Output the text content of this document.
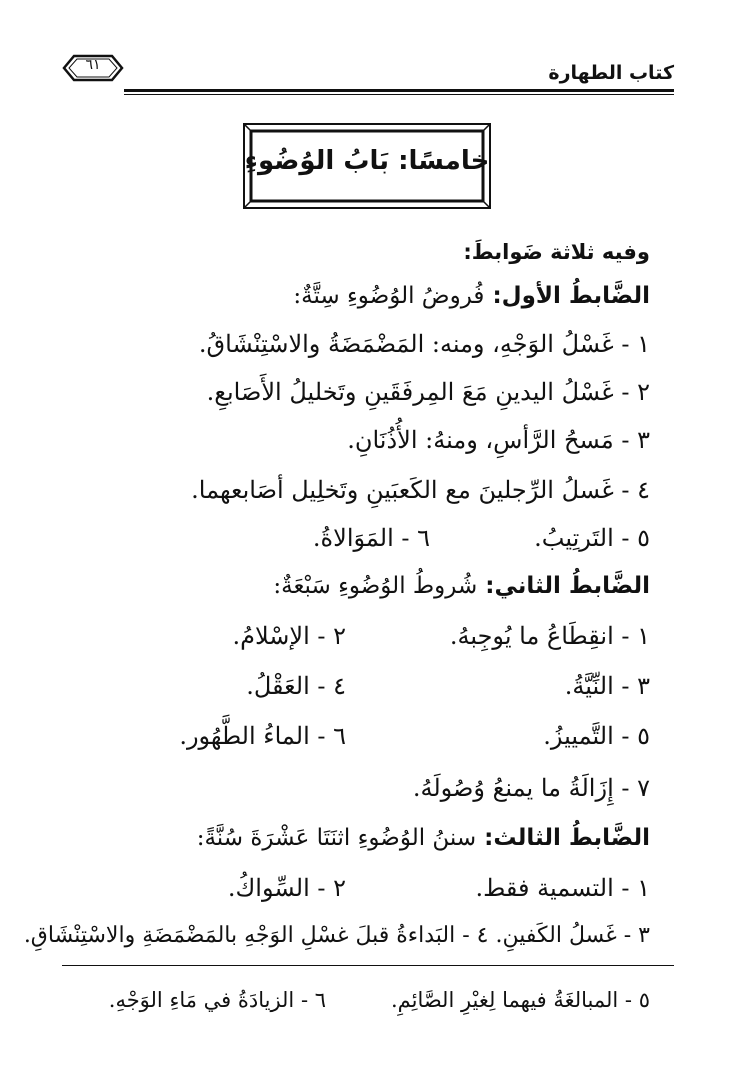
كتاب الطهارة
٦١
خامسًا: بَابُ الوُضُوءِ
وفيه ثلاثة ضَوابطَ:
الضَّابطُ الأول: فُروضُ الوُضُوءِ سِتَّةٌ:
١ - غَسْلُ الوَجْهِ، ومنه: المَضْمَضَةُ والاسْتِنْشَاقُ.
٢ - غَسْلُ اليدينِ مَعَ المِرفَقَينِ وتَخليلُ الأَصَابعِ.
٣ - مَسحُ الرَّأسِ، ومنهُ: الأُذُنَانِ.
٤ - غَسلُ الرِّجلينَ مع الكَعبَينِ وتَخلِيل أصَابعهما.
٥ - التَرتِيبُ.
٦ - المَوَالاةُ.
الضَّابطُ الثاني: شُروطُ الوُضُوءِ سَبْعَةٌ:
١ - انقِطَاعُ ما يُوجِبهُ.
٢ - الإسْلامُ.
٣ - النِّيَّةُ.
٤ - العَقْلُ.
٥ - التَّمييزُ.
٦ - الماءُ الطَّهُور.
٧ - إِزَالَةُ ما يمنعُ وُصُولَهُ.
الضَّابطُ الثالث: سننُ الوُضُوءِ اثنَتَا عَشْرَةَ سُنَّةً:
١ - التسمية فقط.
٢ - السِّواكُ.
٣ - غَسلُ الكَفينِ. ٤ - البَداءةُ قبلَ غسْلِ الوَجْهِ بالمَضْمَضَةِ والاسْتِنْشَاقِ.
٥ - المبالغَةُ فيهما لِغيْرِ الصَّائِمِ.
٦ - الزيادَةُ في مَاءِ الوَجْهِ.
